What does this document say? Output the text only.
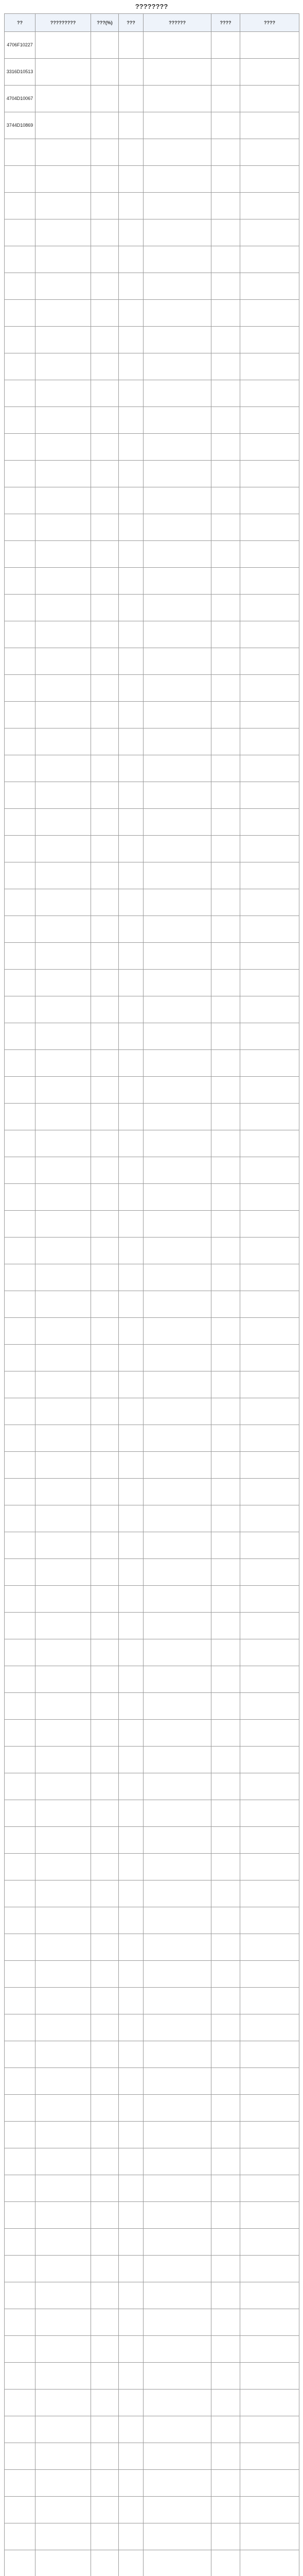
????????
??	?????????	???(%)	???	??????	????	????
4706F10227						
3316D10513						
4704D10067						
3744D10869						
